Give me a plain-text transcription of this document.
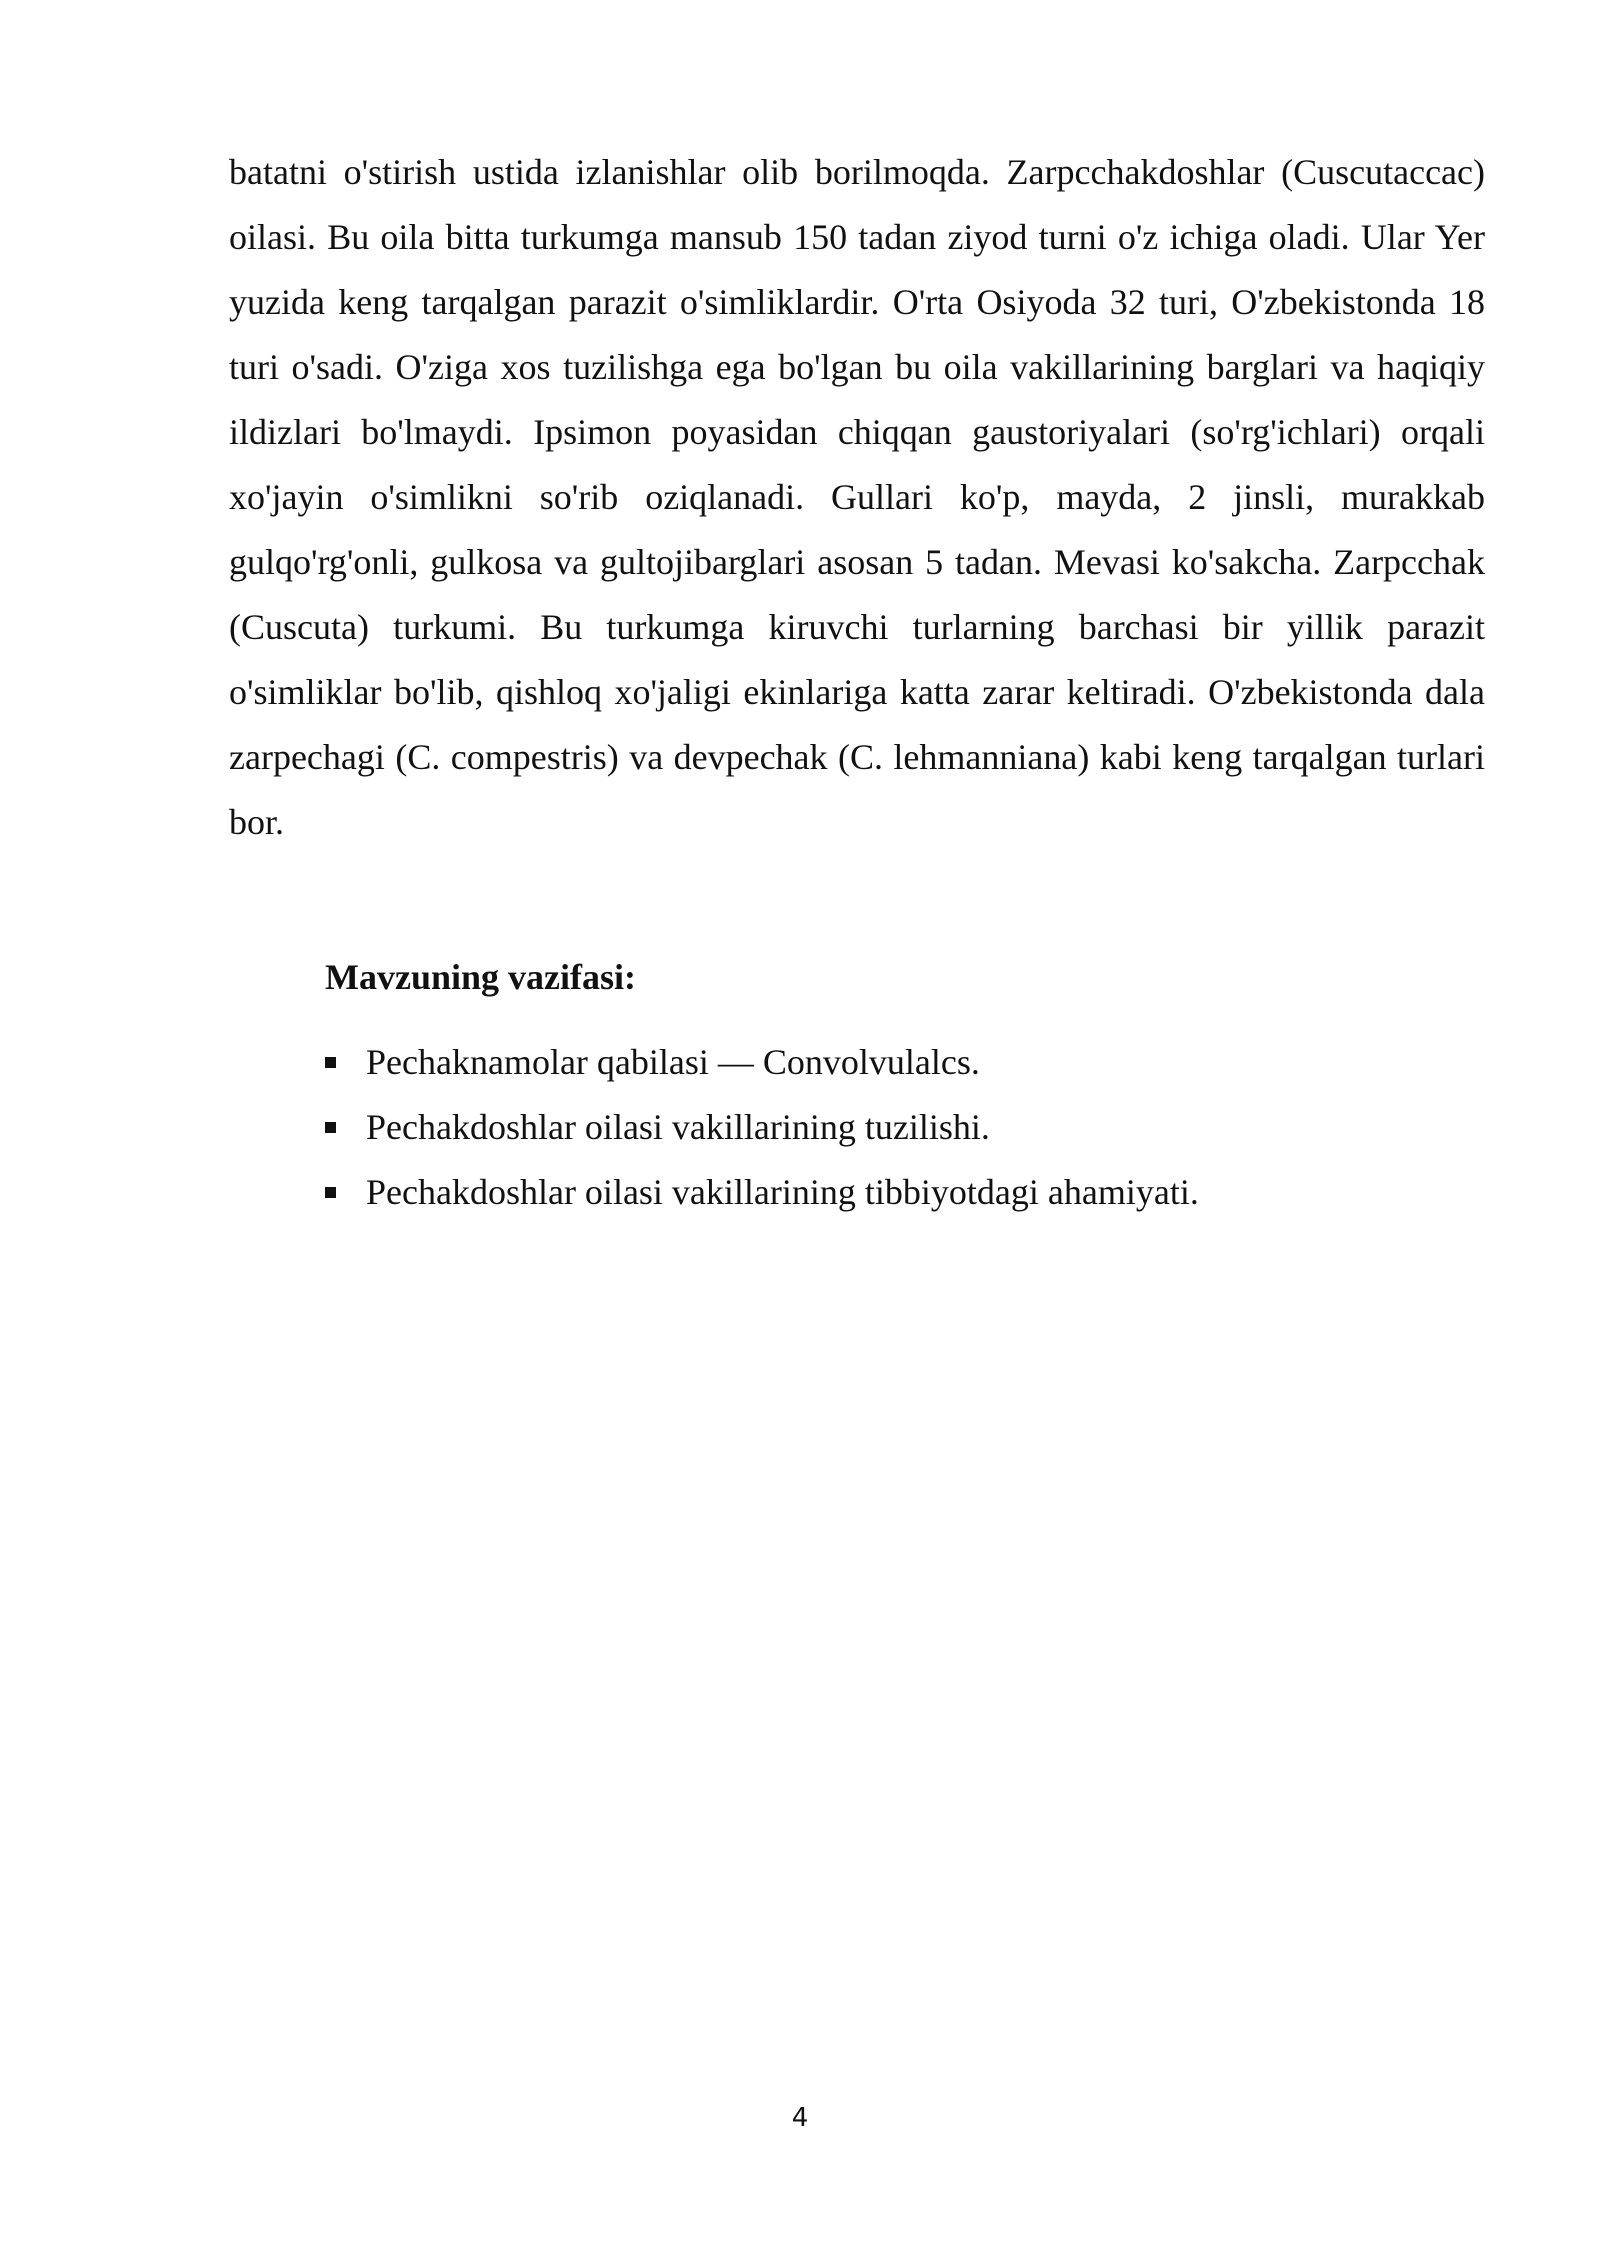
batatni o'stirish ustida izlanishlar olib borilmoqda. Zarpcchakdoshlar (Cuscutaccac) oilasi. Bu oila bitta turkumga mansub 150 tadan ziyod turni o'z ichiga oladi. Ular Yer yuzida keng tarqalgan parazit o'simliklardir. O'rta Osiyoda 32 turi, O'zbekistonda 18 turi o'sadi. O'ziga xos tuzilishga ega bo'lgan bu oila vakillarining barglari va haqiqiy ildizlari bo'lmaydi. Ipsimon poyasidan chiqqan gaustoriyalari (so'rg'ichlari) orqali xo'jayin o'simlikni so'rib oziqlanadi. Gullari ko'p, mayda, 2 jinsli, murakkab gulqo'rg'onli, gulkosa va gultojibarglari asosan 5 tadan. Mevasi ko'sakcha. Zarpcchak (Cuscuta) turkumi. Bu turkumga kiruvchi turlarning barchasi bir yillik parazit o'simliklar bo'lib, qishloq xo'jaligi ekinlariga katta zarar keltiradi. O'zbekistonda dala zarpechagi (C. compestris) va devpechak (C. lehmanniana) kabi keng tarqalgan turlari bor.

Mavzuning vazifasi:
Pechaknamolar qabilasi — Convolvulalcs.
Pechakdoshlar oilasi vakillarining tuzilishi.
Pechakdoshlar oilasi vakillarining tibbiyotdagi ahamiyati.
4
